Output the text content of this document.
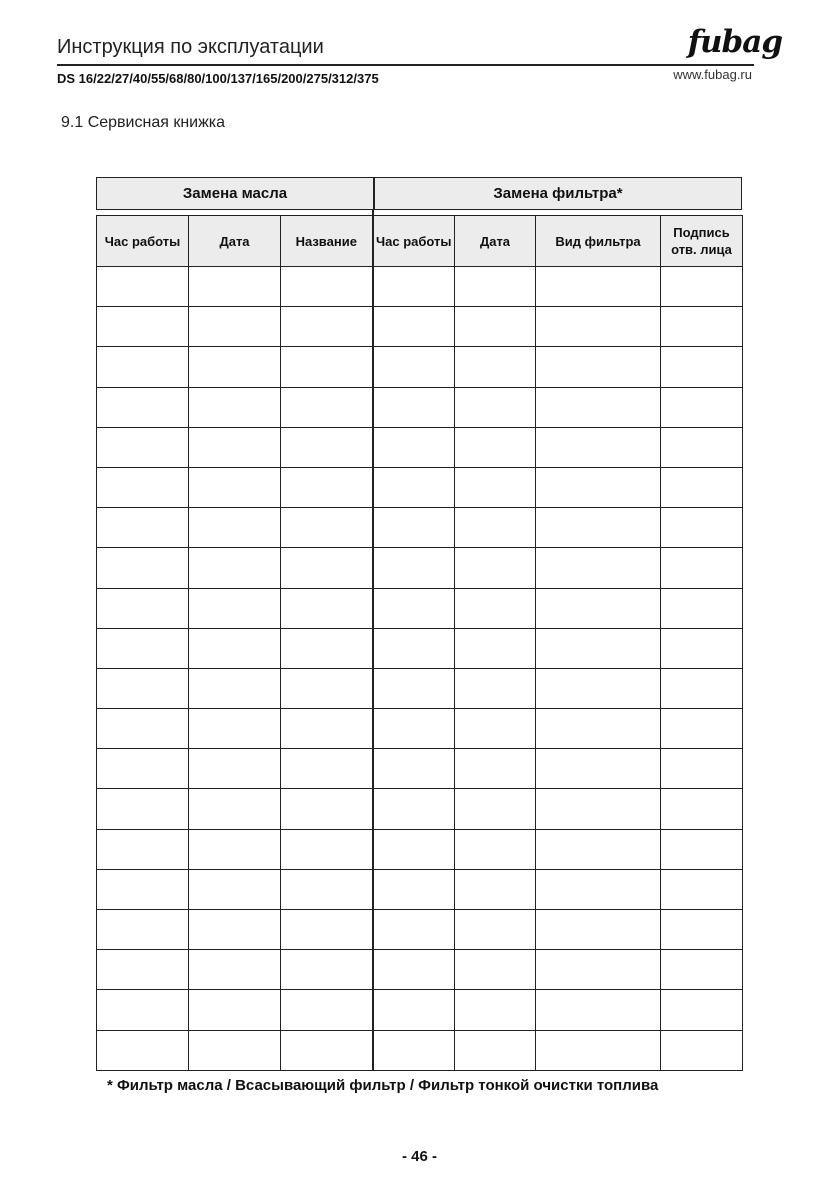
Инструкция по эксплуатации	fubag
DS 16/22/27/40/55/68/80/100/137/165/200/275/312/375	www.fubag.ru
9.1 Сервисная книжка
Замена масла	Замена фильтра*
Час работы	Дата	Название	Час работы	Дата	Вид фильтра	Подпись отв. лица

* Фильтр масла / Всасывающий фильтр / Фильтр тонкой очистки топлива
- 46 -
